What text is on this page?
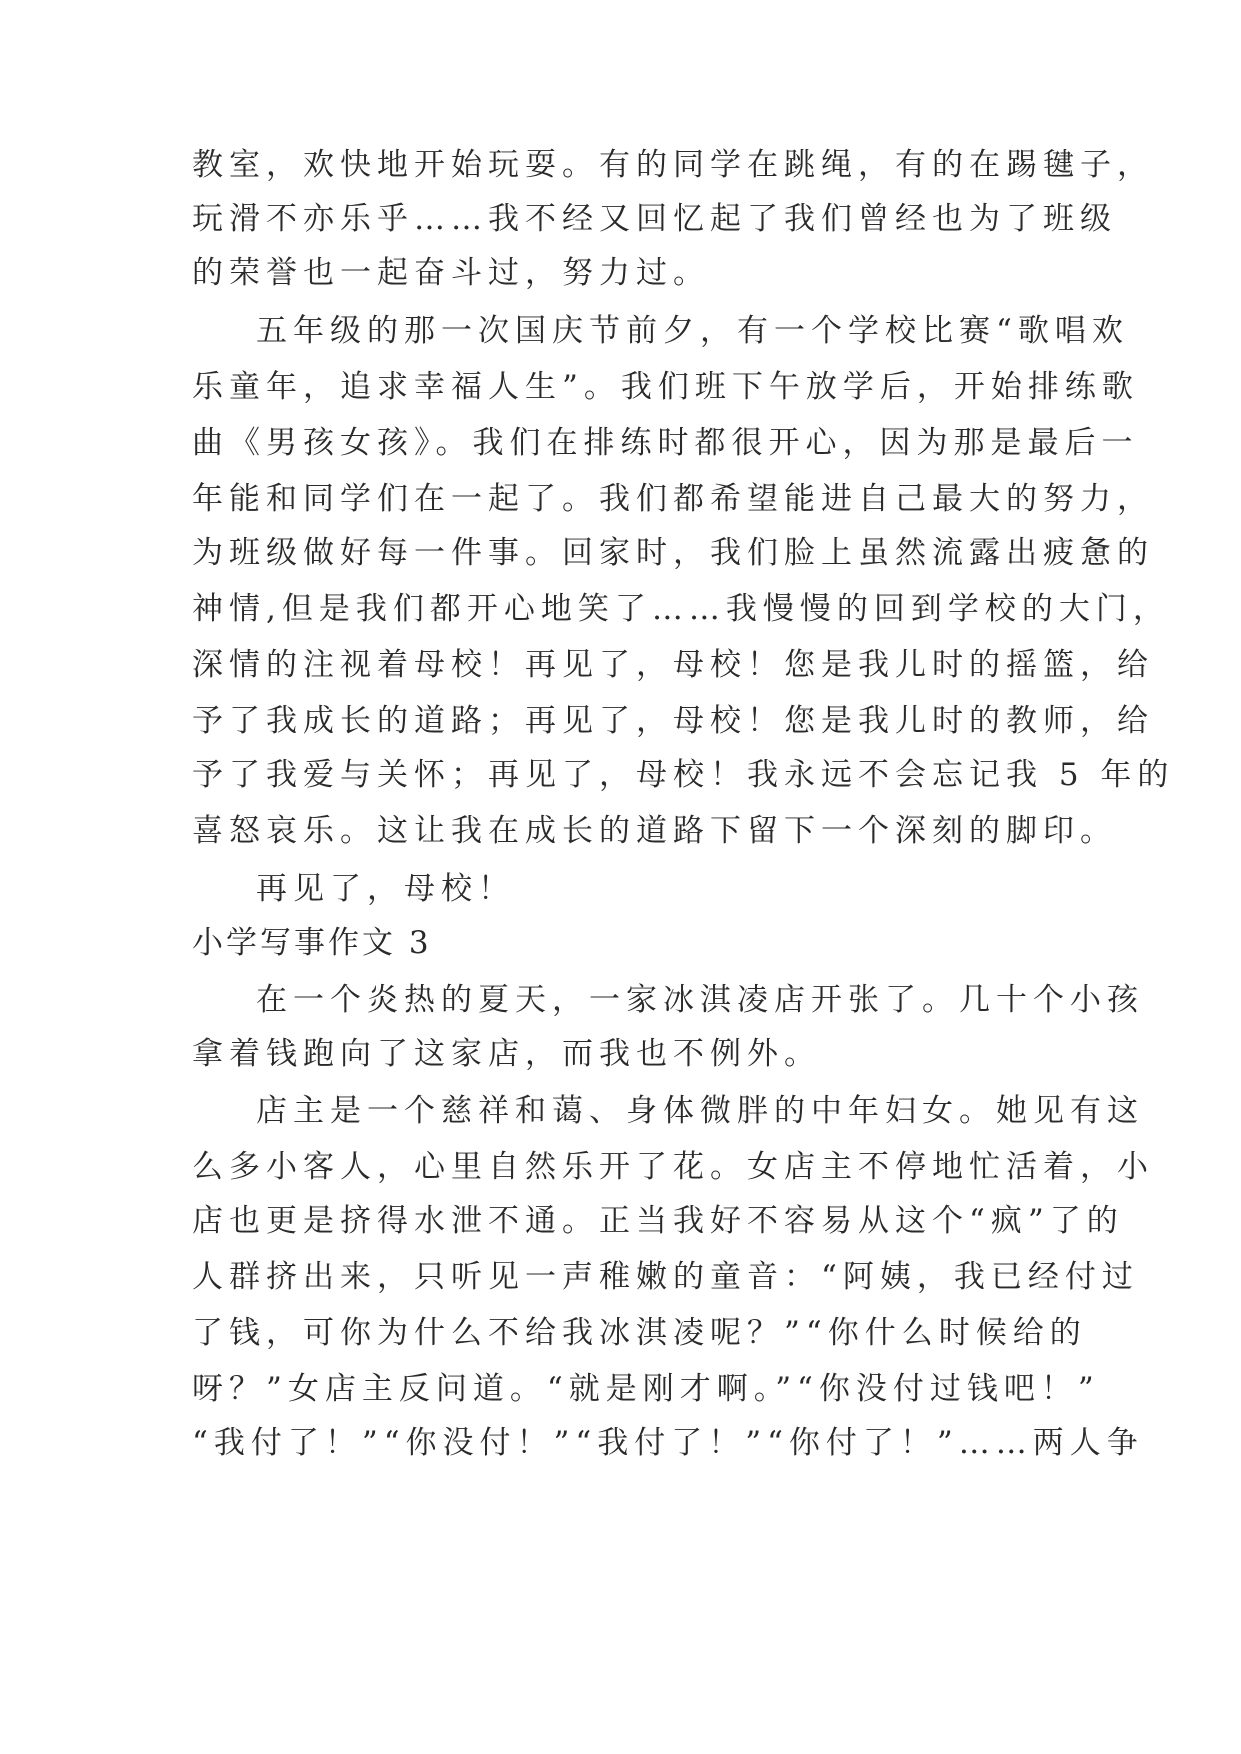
教室，欢快地开始玩耍。有的同学在跳绳，有的在踢毽子，
玩滑不亦乐乎……我不经又回忆起了我们曾经也为了班级
的荣誉也一起奋斗过，努力过。
五年级的那一次国庆节前夕，有一个学校比赛“歌唱欢
乐童年，追求幸福人生”。我们班下午放学后，开始排练歌
曲《男孩女孩》。我们在排练时都很开心，因为那是最后一
年能和同学们在一起了。我们都希望能进自己最大的努力，
为班级做好每一件事。回家时，我们脸上虽然流露出疲惫的
神情,但是我们都开心地笑了……我慢慢的回到学校的大门，
深情的注视着母校！再见了，母校！您是我儿时的摇篮，给
予了我成长的道路；再见了，母校！您是我儿时的教师，给
予了我爱与关怀；再见了，母校！我永远不会忘记我 5 年的
喜怒哀乐。这让我在成长的道路下留下一个深刻的脚印。
再见了，母校！
小学写事作文 3
在一个炎热的夏天，一家冰淇凌店开张了。几十个小孩
拿着钱跑向了这家店，而我也不例外。
店主是一个慈祥和蔼、身体微胖的中年妇女。她见有这
么多小客人，心里自然乐开了花。女店主不停地忙活着，小
店也更是挤得水泄不通。正当我好不容易从这个“疯”了的
人群挤出来，只听见一声稚嫩的童音：“阿姨，我已经付过
了钱，可你为什么不给我冰淇凌呢？”“你什么时候给的
呀？”女店主反问道。“就是刚才啊。”“你没付过钱吧！”
“我付了！”“你没付！”“我付了！”“你付了！”……两人争
